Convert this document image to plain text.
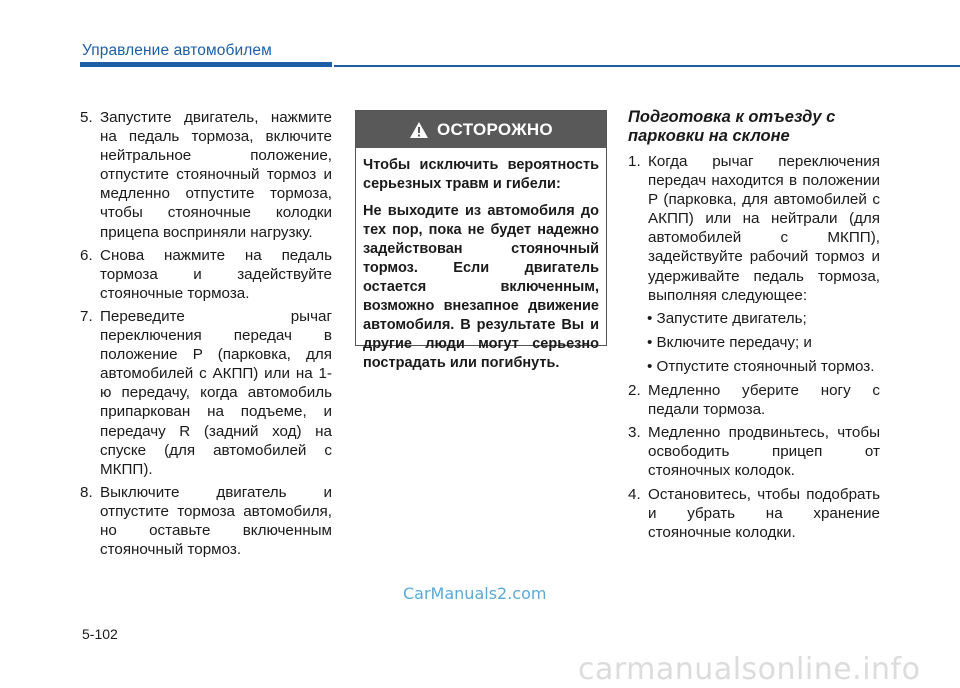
Управление автомобилем
5. Запустите двигатель, нажмите на педаль тормоза, включите нейтральное положение, отпустите стояночный тормоз и медленно отпустите тормоза, чтобы стояночные колодки прицепа восприняли нагрузку.
6. Снова нажмите на педаль тормоза и задействуйте стояночные тормоза.
7. Переведите рычаг переключения передач в положение P (парковка, для автомобилей с АКПП) или на 1-ю передачу, когда автомобиль припаркован на подъеме, и передачу R (задний ход) на спуске (для автомобилей с МКПП).
8. Выключите двигатель и отпустите тормоза автомобиля, но оставьте включенным стояночный тормоз.
ОСТОРОЖНО

Чтобы исключить вероятность серьезных травм и гибели:

Не выходите из автомобиля до тех пор, пока не будет надежно задействован стояночный тормоз. Если двигатель остается включенным, возможно внезапное движение автомобиля. В результате Вы и другие люди могут серьезно пострадать или погибнуть.

Подготовка к отъезду с парковки на склоне
1. Когда рычаг переключения передач находится в положении P (парковка, для автомобилей с АКПП) или на нейтрали (для автомобилей с МКПП), задействуйте рабочий тормоз и удерживайте педаль тормоза, выполняя следующее:
• Запустите двигатель;
• Включите передачу; и
• Отпустите стояночный тормоз.
2. Медленно уберите ногу с педали тормоза.
3. Медленно продвиньтесь, чтобы освободить прицеп от стояночных колодок.
4. Остановитесь, чтобы подобрать и убрать на хранение стояночные колодки.
CarManuals2.com
5-102
carmanualsonline.info
